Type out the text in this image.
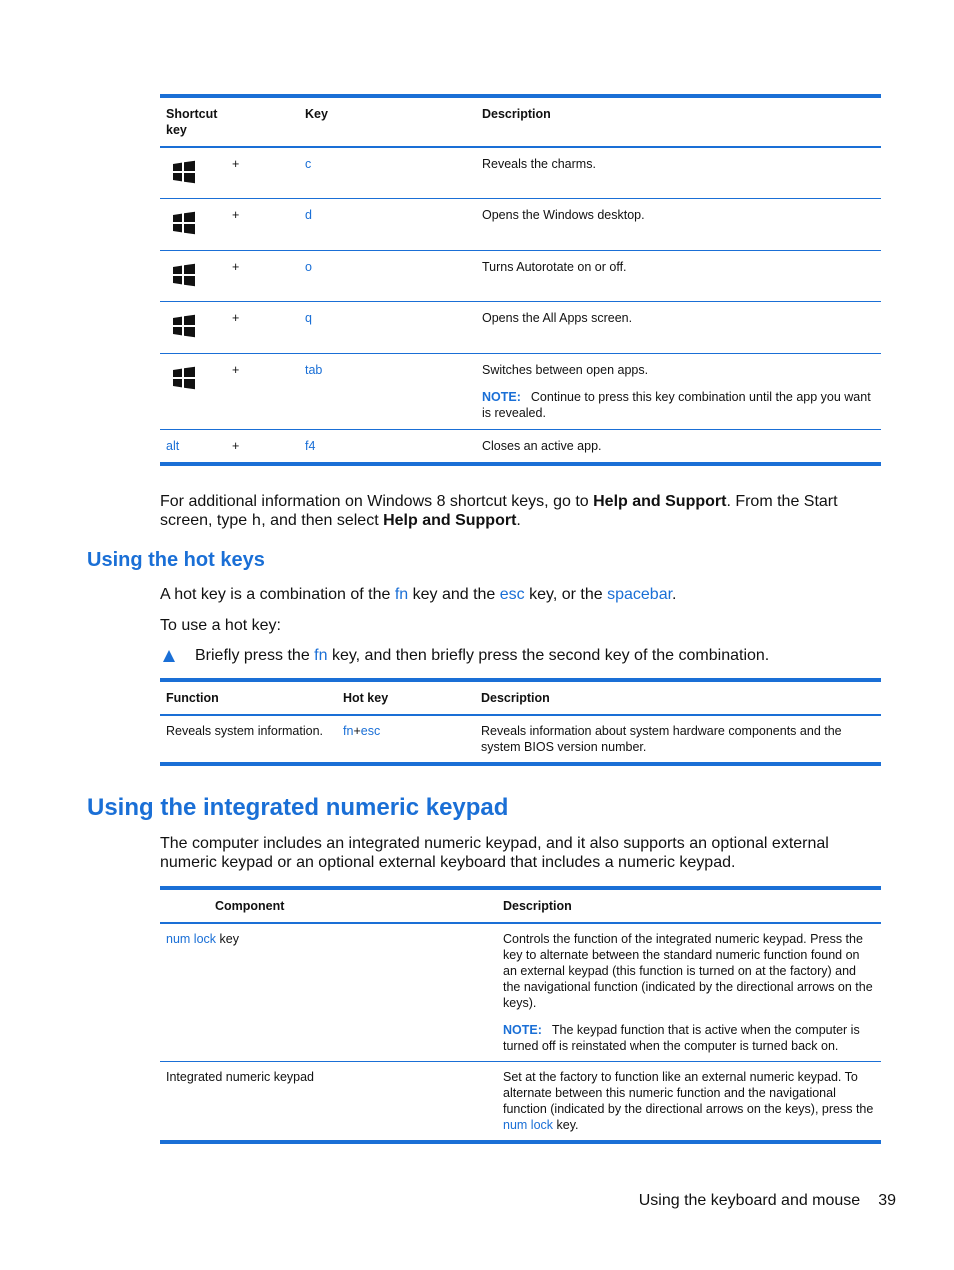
Shortcut key		Key	Description
	+	c	Reveals the charms.
	+	d	Opens the Windows desktop.
	+	o	Turns Autorotate on or off.
	+	q	Opens the All Apps screen.
	+	tab	Switches between open apps.
NOTE: Continue to press this key combination until the app you want is revealed.

alt	+	f4	Closes an active app.

For additional information on Windows 8 shortcut keys, go to Help and Support. From the Start screen, type h, and then select Help and Support.

Using the hot keys

A hot key is a combination of the fn key and the esc key, or the spacebar.

To use a hot key:

Briefly press the fn key, and then briefly press the second key of the combination.
Function	Hot key	Description
Reveals system information.	fn+esc	Reveals information about system hardware components and the system BIOS version number.
Using the integrated numeric keypad

The computer includes an integrated numeric keypad, and it also supports an optional external numeric keypad or an optional external keyboard that includes a numeric keypad.

Component	Description
num lock key	Controls the function of the integrated numeric keypad. Press the key to alternate between the standard numeric function found on an external keypad (this function is turned on at the factory) and the navigational function (indicated by the directional arrows on the keys).
NOTE: The keypad function that is active when the computer is turned off is reinstated when the computer is turned back on.

Integrated numeric keypad	Set at the factory to function like an external numeric keypad. To alternate between this numeric function and the navigational function (indicated by the directional arrows on the keys), press the num lock key.
Using the keyboard and mouse 39
